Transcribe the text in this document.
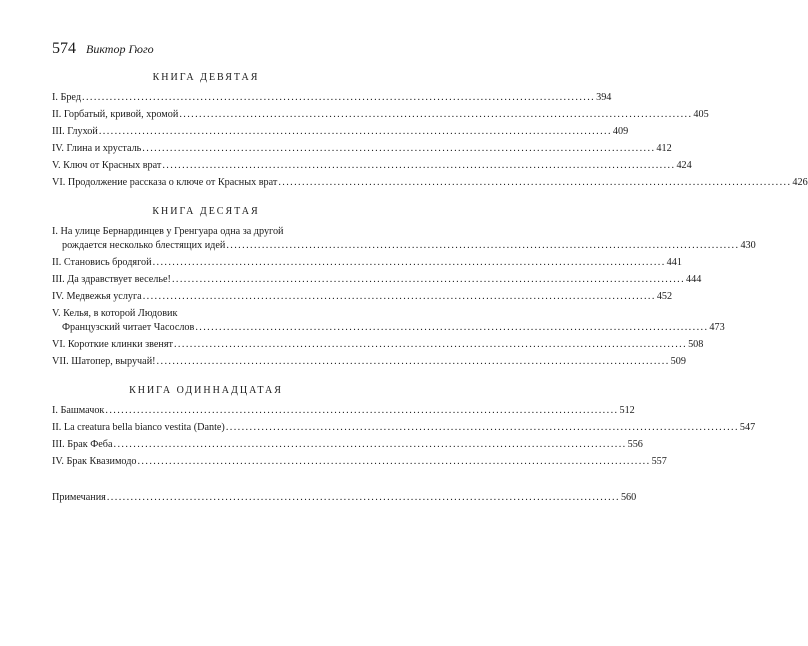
574 Виктор Гюго
КНИГА ДЕВЯТАЯ
I. Бред .....	394
II. Горбатый, кривой, хромой .....	405
III. Глухой .....	409
IV. Глина и хрусталь .....	412
V. Ключ от Красных врат .....	424
VI. Продолжение рассказа о ключе от Красных врат .....	426
КНИГА ДЕСЯТАЯ
I. На улице Бернардинцев у Гренгуара одна за другой
рождается несколько блестящих идей .....	430
II. Становись бродягой .....	441
III. Да здравствует веселье! .....	444
IV. Медвежья услуга .....	452
V. Келья, в которой Людовик
Французский читает Часослов .....	473
VI. Короткие клинки звенят .....	508
VII. Шатопер, выручай! .....	509
КНИГА ОДИННАДЦАТАЯ
I. Башмачок .....	512
II. La creatura bella bianco vestita (Dante) .....	547
III. Брак Феба .....	556
IV. Брак Квазимодо .....	557
Примечания .....	560
